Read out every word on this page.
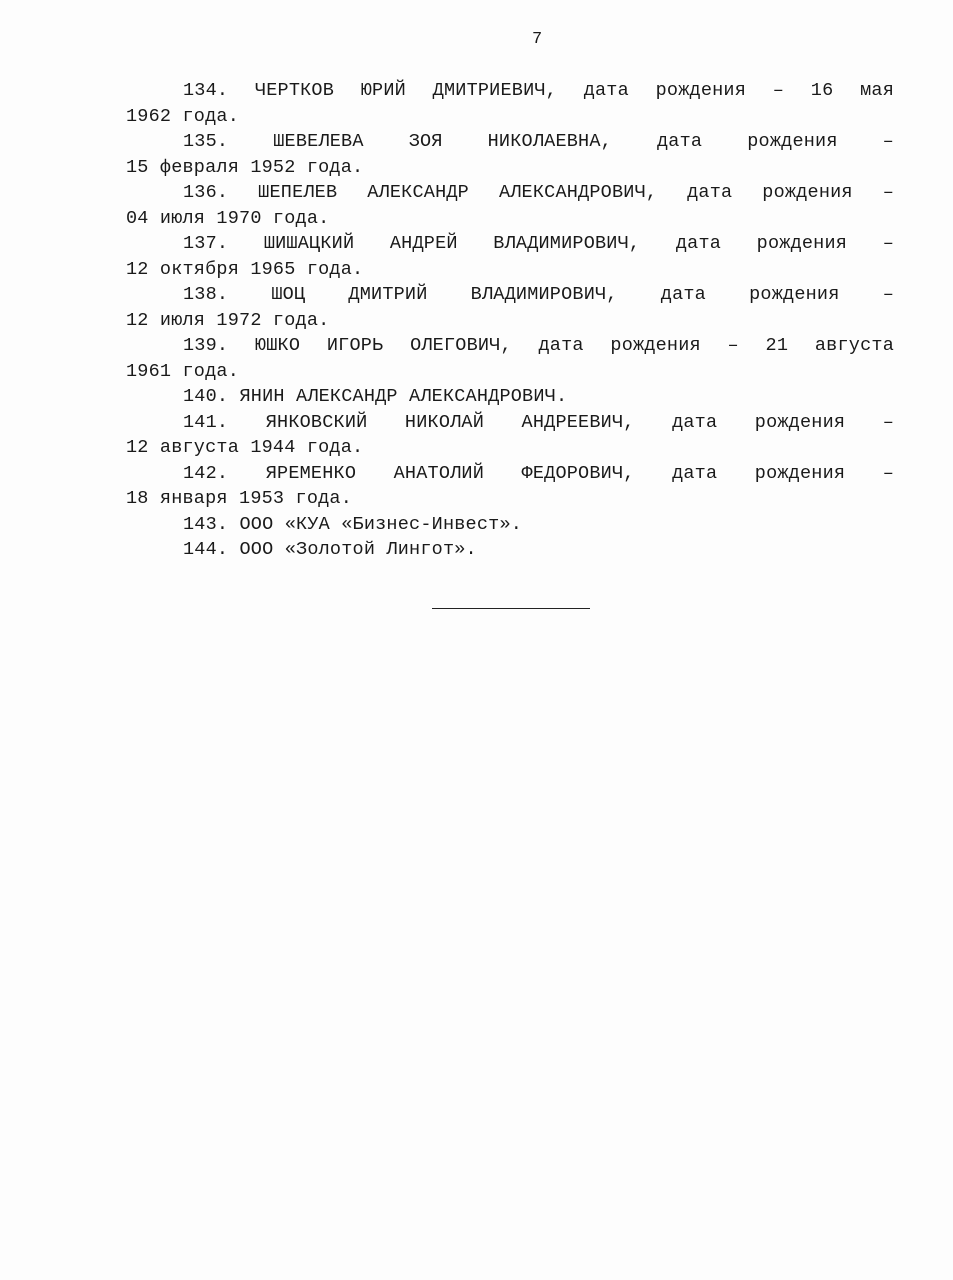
7

134. ЧЕРТКОВ ЮРИЙ ДМИТРИЕВИЧ, дата рождения – 16 мая
1962 года.

135. ШЕВЕЛЕВА ЗОЯ НИКОЛАЕВНА, дата рождения –
15 февраля 1952 года.

136. ШЕПЕЛЕВ АЛЕКСАНДР АЛЕКСАНДРОВИЧ, дата рождения –
04 июля 1970 года.

137. ШИШАЦКИЙ АНДРЕЙ ВЛАДИМИРОВИЧ, дата рождения –
12 октября 1965 года.

138. ШОЦ ДМИТРИЙ ВЛАДИМИРОВИЧ, дата рождения –
12 июля 1972 года.

139. ЮШКО ИГОРЬ ОЛЕГОВИЧ, дата рождения – 21 августа
1961 года.

140. ЯНИН АЛЕКСАНДР АЛЕКСАНДРОВИЧ.

141. ЯНКОВСКИЙ НИКОЛАЙ АНДРЕЕВИЧ, дата рождения –
12 августа 1944 года.

142. ЯРЕМЕНКО АНАТОЛИЙ ФЕДОРОВИЧ, дата рождения –
18 января 1953 года.

143. ООО «КУА «Бизнес-Инвест».

144. ООО «Золотой Лингот».
